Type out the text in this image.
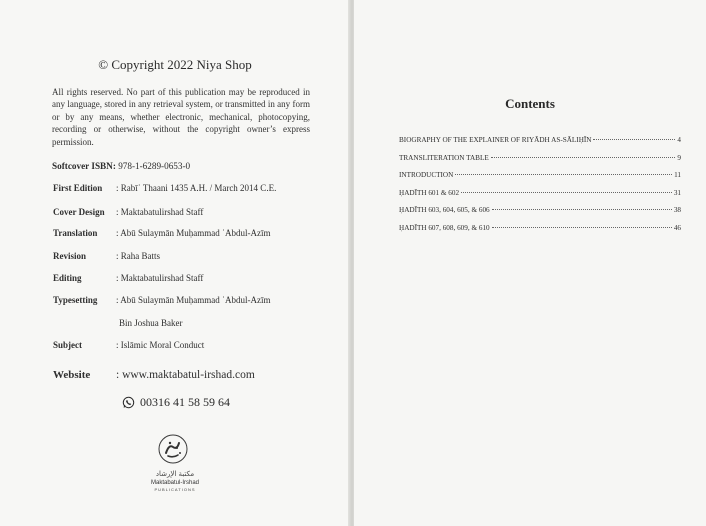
© Copyright 2022 Niya Shop
All rights reserved. No part of this publication may be reproduced in any language, stored in any retrieval system, or transmitted in any form or by any means, whether electronic, mechanical, photocopying, recording or otherwise, without the copyright owner’s express permission.
Softcover ISBN: 978-1-6289-0653-0
First Edition	: Rabīʿ Thaani 1435 A.H. / March 2014 C.E.
Cover Design	: Maktabatulirshad Staff
Translation	: Abū Sulaymān Muḥammad ʿAbdul-Azīm
Revision	: Raha Batts
Editing	: Maktabatulirshad Staff
Typesetting	: Abū Sulaymān Muḥammad ʿAbdul-Azīm
Bin Joshua Baker
Subject	: Islāmic Moral Conduct
Website	: www.maktabatul-irshad.com
00316 41 58 59 64
مكتبة الإرشاد
Maktabatul-Irshad
PUBLICATIONS
Contents
BIOGRAPHY OF THE EXPLAINER OF RIYĀDH AS-SĀLIḤĪN	4
TRANSLITERATION TABLE	9
INTRODUCTION	11
ḤADĪTH 601 & 602	31
ḤADĪTH 603, 604, 605, & 606	38
ḤADĪTH 607, 608, 609, & 610	46
